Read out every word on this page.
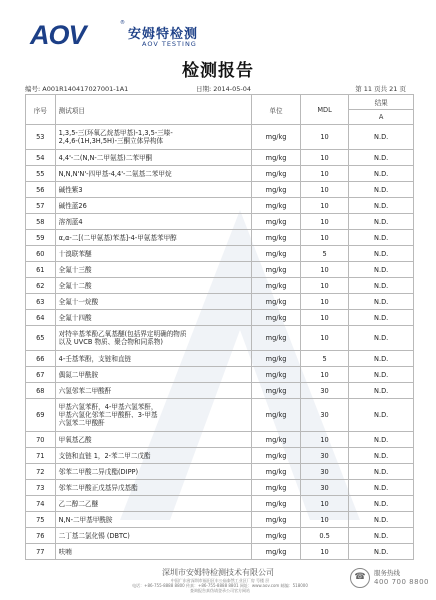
AOV	®
安姆特检测
AOV TESTING
检测报告
编号: A001R140417027001-1A1	日期: 2014-05-04	第 11 页共 21 页
序号	测试项目	单位	MDL	结果
				A
53	1,3,5-三(环氧乙烷基甲基)-1,3,5-三嗪-
2,4,6-(1H,3H,5H)-三酮立体异构体	mg/kg	10	N.D.
54	4,4'-二(N,N-二甲氨基)二苯甲酮	mg/kg	10	N.D.
55	N,N,N'N'-四甲基-4,4'-二氨基二苯甲烷	mg/kg	10	N.D.
56	碱性紫3	mg/kg	10	N.D.
57	碱性蓝26	mg/kg	10	N.D.
58	溶剂蓝4	mg/kg	10	N.D.
59	α,α-二[(二甲氨基)苯基]-4-甲氨基苯甲醇	mg/kg	10	N.D.
60	十溴联苯醚	mg/kg	5	N.D.
61	全氟十三酸	mg/kg	10	N.D.
62	全氟十二酸	mg/kg	10	N.D.
63	全氟十一烷酸	mg/kg	10	N.D.
64	全氟十四酸	mg/kg	10	N.D.
65	对特辛基苯酚乙氧基醚(包括界定明确的物质
以及 UVCB 物质、聚合物和同系物)	mg/kg	10	N.D.
66	4-壬基苯酚，支链和直链	mg/kg	5	N.D.
67	偶氮二甲酰胺	mg/kg	10	N.D.
68	六氢邻苯二甲酸酐	mg/kg	30	N.D.
69	甲基六氢苯酐，4-甲基六氢苯酐，
甲基六氢化邻苯二甲酸酐、3-甲基
六氢苯二甲酸酐	mg/kg	30	N.D.
70	甲氧基乙酸	mg/kg	10	N.D.
71	支链和直链 1，2-苯二甲二戊酯	mg/kg	30	N.D.
72	邻苯二甲酸二异戊酯(DIPP)	mg/kg	30	N.D.
73	邻苯二甲酸正戊基异戊基酯	mg/kg	30	N.D.
74	乙二醇二乙醚	mg/kg	10	N.D.
75	N,N-二甲基甲酰胺	mg/kg	10	N.D.
76	二丁基二氯化锡 (DBTC)	mg/kg	0.5	N.D.
77	呋喃	mg/kg	10	N.D.
深圳市安姆特检测技术有限公司
中国广东省深圳市福田区车公庙泰然工业区厂房 号楼 层
电话：+86-755-8888 8800 传真：+86-755-8888 8801 网址：www.aov.com 邮编：518000
查询报告真伪请登录公司官方网站
☎	服务热线
400 700 8800
